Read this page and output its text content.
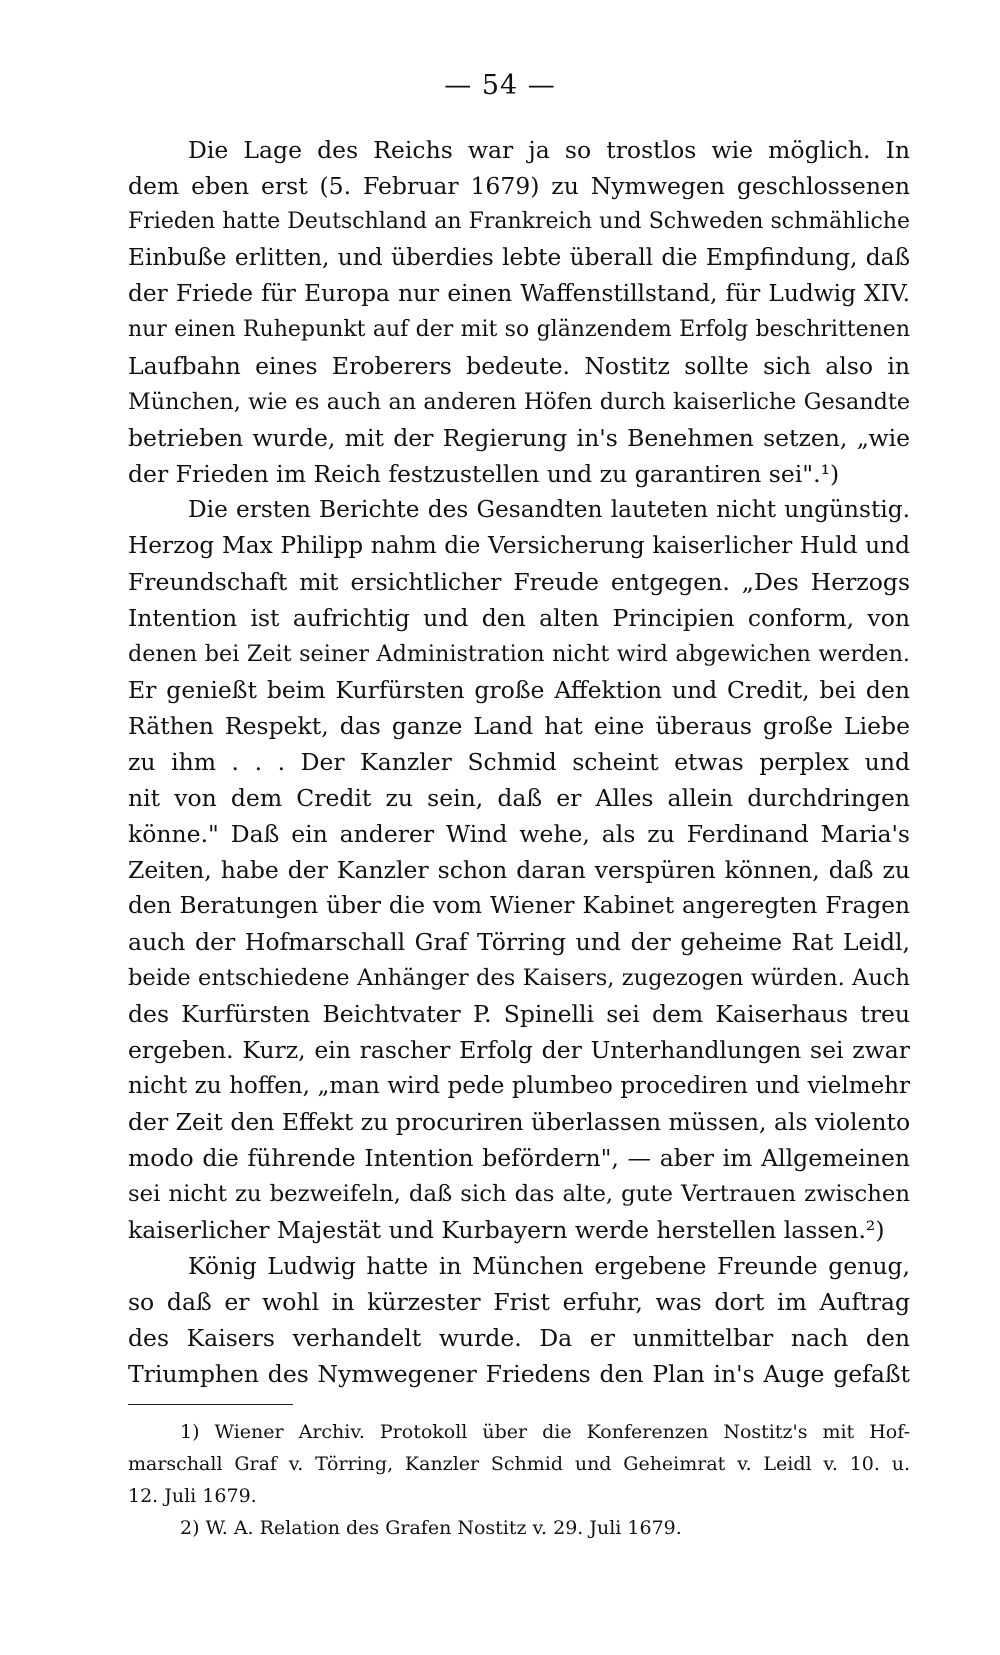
— 54 —
Die Lage des Reichs war ja so trostlos wie möglich. In
dem eben erst (5. Februar 1679) zu Nymwegen geschlossenen
Frieden hatte Deutschland an Frankreich und Schweden schmähliche
Einbuße erlitten, und überdies lebte überall die Empfindung, daß
der Friede für Europa nur einen Waffenstillstand, für Ludwig XIV.
nur einen Ruhepunkt auf der mit so glänzendem Erfolg beschrittenen
Laufbahn eines Eroberers bedeute. Nostitz sollte sich also in
München, wie es auch an anderen Höfen durch kaiserliche Gesandte
betrieben wurde, mit der Regierung in's Benehmen setzen, „wie
der Frieden im Reich festzustellen und zu garantiren sei".¹)
Die ersten Berichte des Gesandten lauteten nicht ungünstig.
Herzog Max Philipp nahm die Versicherung kaiserlicher Huld und
Freundschaft mit ersichtlicher Freude entgegen. „Des Herzogs
Intention ist aufrichtig und den alten Principien conform, von
denen bei Zeit seiner Administration nicht wird abgewichen werden.
Er genießt beim Kurfürsten große Affektion und Credit, bei den
Räthen Respekt, das ganze Land hat eine überaus große Liebe
zu ihm . . . Der Kanzler Schmid scheint etwas perplex und
nit von dem Credit zu sein, daß er Alles allein durchdringen
könne." Daß ein anderer Wind wehe, als zu Ferdinand Maria's
Zeiten, habe der Kanzler schon daran verspüren können, daß zu
den Beratungen über die vom Wiener Kabinet angeregten Fragen
auch der Hofmarschall Graf Törring und der geheime Rat Leidl,
beide entschiedene Anhänger des Kaisers, zugezogen würden. Auch
des Kurfürsten Beichtvater P. Spinelli sei dem Kaiserhaus treu
ergeben. Kurz, ein rascher Erfolg der Unterhandlungen sei zwar
nicht zu hoffen, „man wird pede plumbeo procediren und vielmehr
der Zeit den Effekt zu procuriren überlassen müssen, als violento
modo die führende Intention befördern", — aber im Allgemeinen
sei nicht zu bezweifeln, daß sich das alte, gute Vertrauen zwischen
kaiserlicher Majestät und Kurbayern werde herstellen lassen.²)
König Ludwig hatte in München ergebene Freunde genug,
so daß er wohl in kürzester Frist erfuhr, was dort im Auftrag
des Kaisers verhandelt wurde. Da er unmittelbar nach den
Triumphen des Nymwegener Friedens den Plan in's Auge gefaßt
1) Wiener Archiv. Protokoll über die Konferenzen Nostitz's mit Hof-
marschall Graf v. Törring, Kanzler Schmid und Geheimrat v. Leidl v. 10. u.
12. Juli 1679.
2) W. A. Relation des Grafen Nostitz v. 29. Juli 1679.
